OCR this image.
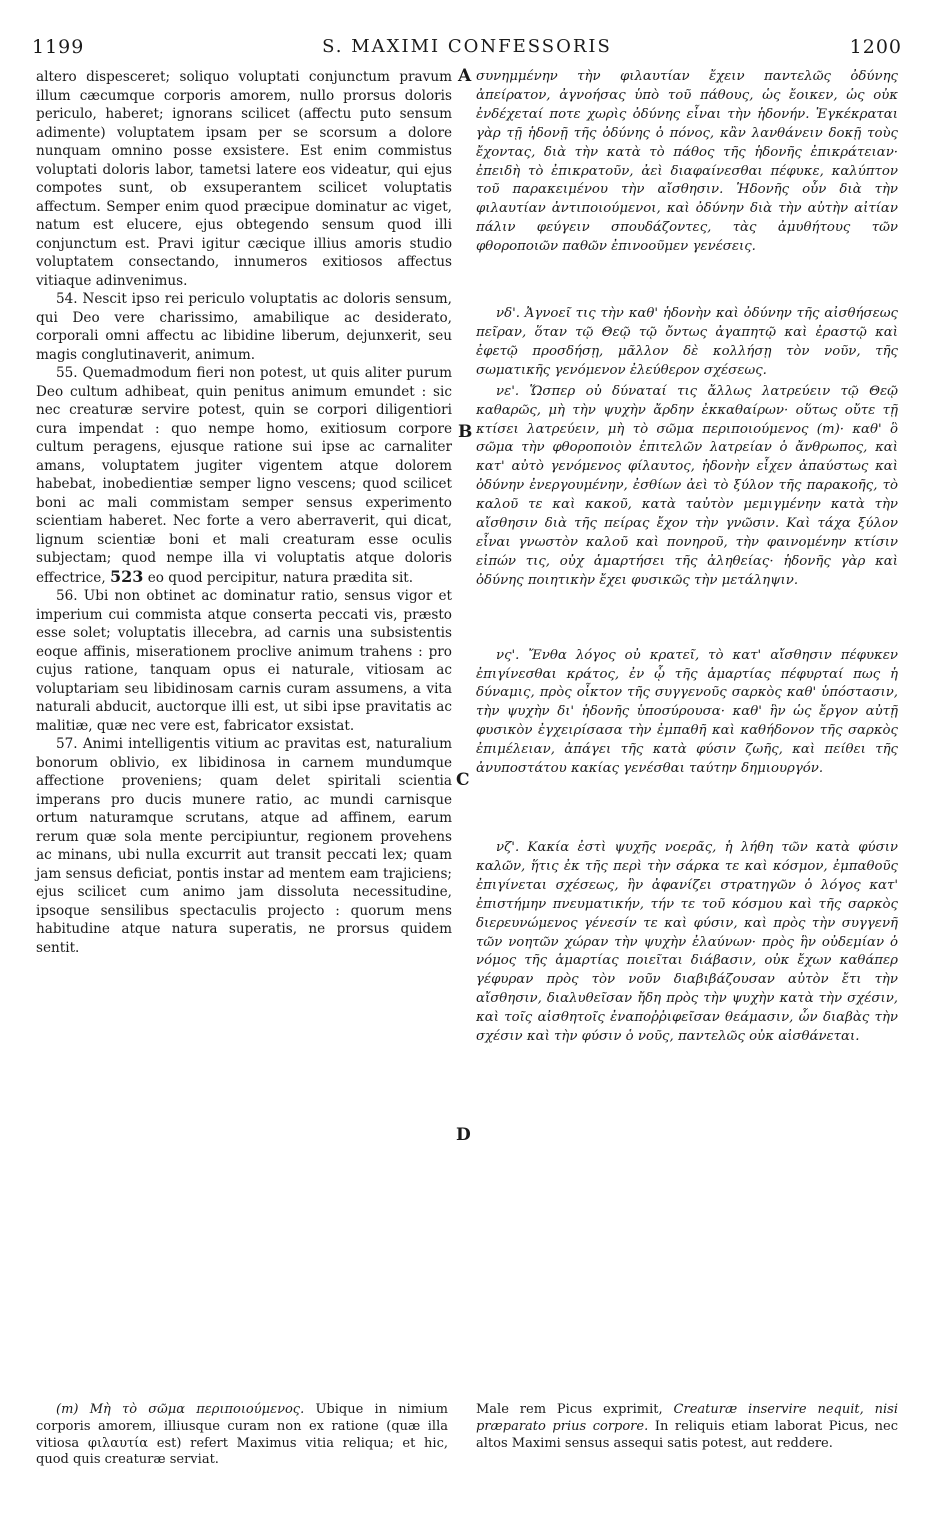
1199	S. MAXIMI CONFESSORIS	1200

altero dispesceret; soliquo voluptati conjunctum pravum illum cæcumque corporis amorem, nullo prorsus doloris periculo, haberet; ignorans scilicet (affectu puto sensum adimente) voluptatem ipsam per se scorsum a dolore nunquam omnino posse exsistere. Est enim commistus voluptati doloris labor, tametsi latere eos videatur, qui ejus compotes sunt, ob exsuperantem scilicet voluptatis affectum. Semper enim quod præcipue dominatur ac viget, natum est elucere, ejus obtegendo sensum quod illi conjunctum est. Pravi igitur cæcique illius amoris studio voluptatem consectando, innumeros exitiosos affectus vitiaque adinvenimus.

54. Nescit ipso rei periculo voluptatis ac doloris sensum, qui Deo vere charissimo, amabilique ac desiderato, corporali omni affectu ac libidine liberum, dejunxerit, seu magis conglutinaverit, animum.

55. Quemadmodum fieri non potest, ut quis aliter purum Deo cultum adhibeat, quin penitus animum emundet : sic nec creaturæ servire potest, quin se corpori diligentiori cura impendat : quo nempe homo, exitiosum corpore cultum peragens, ejusque ratione sui ipse ac carnaliter amans, voluptatem jugiter vigentem atque dolorem habebat, inobedientiæ semper ligno vescens; quod scilicet boni ac mali commistam semper sensus experimento scientiam haberet. Nec forte a vero aberraverit, qui dicat, lignum scientiæ boni et mali creaturam esse oculis subjectam; quod nempe illa vi voluptatis atque doloris effectrice, 523 eo quod percipitur, natura prædita sit.

56. Ubi non obtinet ac dominatur ratio, sensus vigor et imperium cui commista atque conserta peccati vis, præsto esse solet; voluptatis illecebra, ad carnis una subsistentis eoque affinis, miserationem proclive animum trahens : pro cujus ratione, tanquam opus ei naturale, vitiosam ac voluptariam seu libidinosam carnis curam assumens, a vita naturali abducit, auctorque illi est, ut sibi ipse pravitatis ac malitiæ, quæ nec vere est, fabricator exsistat.

57. Animi intelligentis vitium ac pravitas est, naturalium bonorum oblivio, ex libidinosa in carnem mundumque affectione proveniens; quam delet spiritali scientia imperans pro ducis munere ratio, ac mundi carnisque ortum naturamque scrutans, atque ad affinem, earum rerum quæ sola mente percipiuntur, regionem provehens ac minans, ubi nulla excurrit aut transit peccati lex; quam jam sensus deficiat, pontis instar ad mentem eam trajiciens; ejus scilicet cum animo jam dissoluta necessitudine, ipsoque sensilibus spectaculis projecto : quorum mens habitudine atque natura superatis, ne prorsus quidem sentit.

A
B
C
D

συνημμένην τὴν φιλαυτίαν ἔχειν παντελῶς ὀδύνης ἀπείρατον, ἀγνοήσας ὑπὸ τοῦ πάθους, ὡς ἔοικεν, ὡς οὐκ ἐνδέχεταί ποτε χωρὶς ὀδύνης εἶναι τὴν ἡδονήν. Ἐγκέκραται γὰρ τῇ ἡδονῇ τῆς ὀδύνης ὁ πόνος, κἂν λανθάνειν δοκῇ τοὺς ἔχοντας, διὰ τὴν κατὰ τὸ πάθος τῆς ἡδονῆς ἐπικράτειαν· ἐπειδὴ τὸ ἐπικρατοῦν, ἀεὶ διαφαίνεσθαι πέφυκε, καλύπτον τοῦ παρακειμένου τὴν αἴσθησιν. Ἡδονῆς οὖν διὰ τὴν φιλαυτίαν ἀντιποιούμενοι, καὶ ὀδύνην διὰ τὴν αὐτὴν αἰτίαν πάλιν φεύγειν σπουδάζοντες, τὰς ἀμυθήτους τῶν φθοροποιῶν παθῶν ἐπινοοῦμεν γενέσεις.

νδ'. Ἀγνοεῖ τις τὴν καθ' ἡδονὴν καὶ ὀδύνην τῆς αἰσθήσεως πεῖραν, ὅταν τῷ Θεῷ τῷ ὄντως ἀγαπητῷ καὶ ἐραστῷ καὶ ἐφετῷ προσδήσῃ, μᾶλλον δὲ κολλήσῃ τὸν νοῦν, τῆς σωματικῆς γενόμενον ἐλεύθερον σχέσεως.

νε'. Ὥσπερ οὐ δύναταί τις ἄλλως λατρεύειν τῷ Θεῷ καθαρῶς, μὴ τὴν ψυχὴν ἄρδην ἐκκαθαίρων· οὕτως οὔτε τῇ κτίσει λατρεύειν, μὴ τὸ σῶμα περιποιούμενος (m)· καθ' ὃ σῶμα τὴν φθοροποιὸν ἐπιτελῶν λατρείαν ὁ ἄνθρωπος, καὶ κατ' αὐτὸ γενόμενος φίλαυτος, ἡδονὴν εἶχεν ἀπαύστως καὶ ὀδύνην ἐνεργουμένην, ἐσθίων ἀεὶ τὸ ξύλον τῆς παρακοῆς, τὸ καλοῦ τε καὶ κακοῦ, κατὰ ταὐτὸν μεμιγμένην κατὰ τὴν αἴσθησιν διὰ τῆς πείρας ἔχον τὴν γνῶσιν. Καὶ τάχα ξύλον εἶναι γνωστὸν καλοῦ καὶ πονηροῦ, τὴν φαινομένην κτίσιν εἰπών τις, οὐχ ἁμαρτήσει τῆς ἀληθείας· ἡδονῆς γὰρ καὶ ὀδύνης ποιητικὴν ἔχει φυσικῶς τὴν μετάληψιν.

νς'. Ἔνθα λόγος οὐ κρατεῖ, τὸ κατ' αἴσθησιν πέφυκεν ἐπιγίνεσθαι κράτος, ἐν ᾧ τῆς ἁμαρτίας πέφυρταί πως ἡ δύναμις, πρὸς οἶκτον τῆς συγγενοῦς σαρκὸς καθ' ὑπόστασιν, τὴν ψυχὴν δι' ἡδονῆς ὑποσύρουσα· καθ' ἣν ὡς ἔργον αὐτῇ φυσικὸν ἐγχειρίσασα τὴν ἐμπαθῆ καὶ καθήδονον τῆς σαρκὸς ἐπιμέλειαν, ἀπάγει τῆς κατὰ φύσιν ζωῆς, καὶ πείθει τῆς ἀνυποστάτου κακίας γενέσθαι ταύτην δημιουργόν.

νζ'. Κακία ἐστὶ ψυχῆς νοερᾶς, ἡ λήθη τῶν κατὰ φύσιν καλῶν, ἥτις ἐκ τῆς περὶ τὴν σάρκα τε καὶ κόσμον, ἐμπαθοῦς ἐπιγίνεται σχέσεως, ἣν ἀφανίζει στρατηγῶν ὁ λόγος κατ' ἐπιστήμην πνευματικήν, τήν τε τοῦ κόσμου καὶ τῆς σαρκὸς διερευνώμενος γένεσίν τε καὶ φύσιν, καὶ πρὸς τὴν συγγενῆ τῶν νοητῶν χώραν τὴν ψυχὴν ἐλαύνων· πρὸς ἣν οὐδεμίαν ὁ νόμος τῆς ἁμαρτίας ποιεῖται διάβασιν, οὐκ ἔχων καθάπερ γέφυραν πρὸς τὸν νοῦν διαβιβάζουσαν αὐτὸν ἔτι τὴν αἴσθησιν, διαλυθεῖσαν ἤδη πρὸς τὴν ψυχὴν κατὰ τὴν σχέσιν, καὶ τοῖς αἰσθητοῖς ἐναποῤῥιφεῖσαν θεάμασιν, ὧν διαβὰς τὴν σχέσιν καὶ τὴν φύσιν ὁ νοῦς, παντελῶς οὐκ αἰσθάνεται.

(m) Μὴ τὸ σῶμα περιποιούμενος. Ubique in nimium corporis amorem, illiusque curam non ex ratione (quæ illa vitiosa φιλαυτία est) refert Maximus vitia reliqua; et hic, quod quis creaturæ serviat.

Male rem Picus exprimit, Creaturæ inservire nequit, nisi præparato prius corpore. In reliquis etiam laborat Picus, nec altos Maximi sensus assequi satis potest, aut reddere.
